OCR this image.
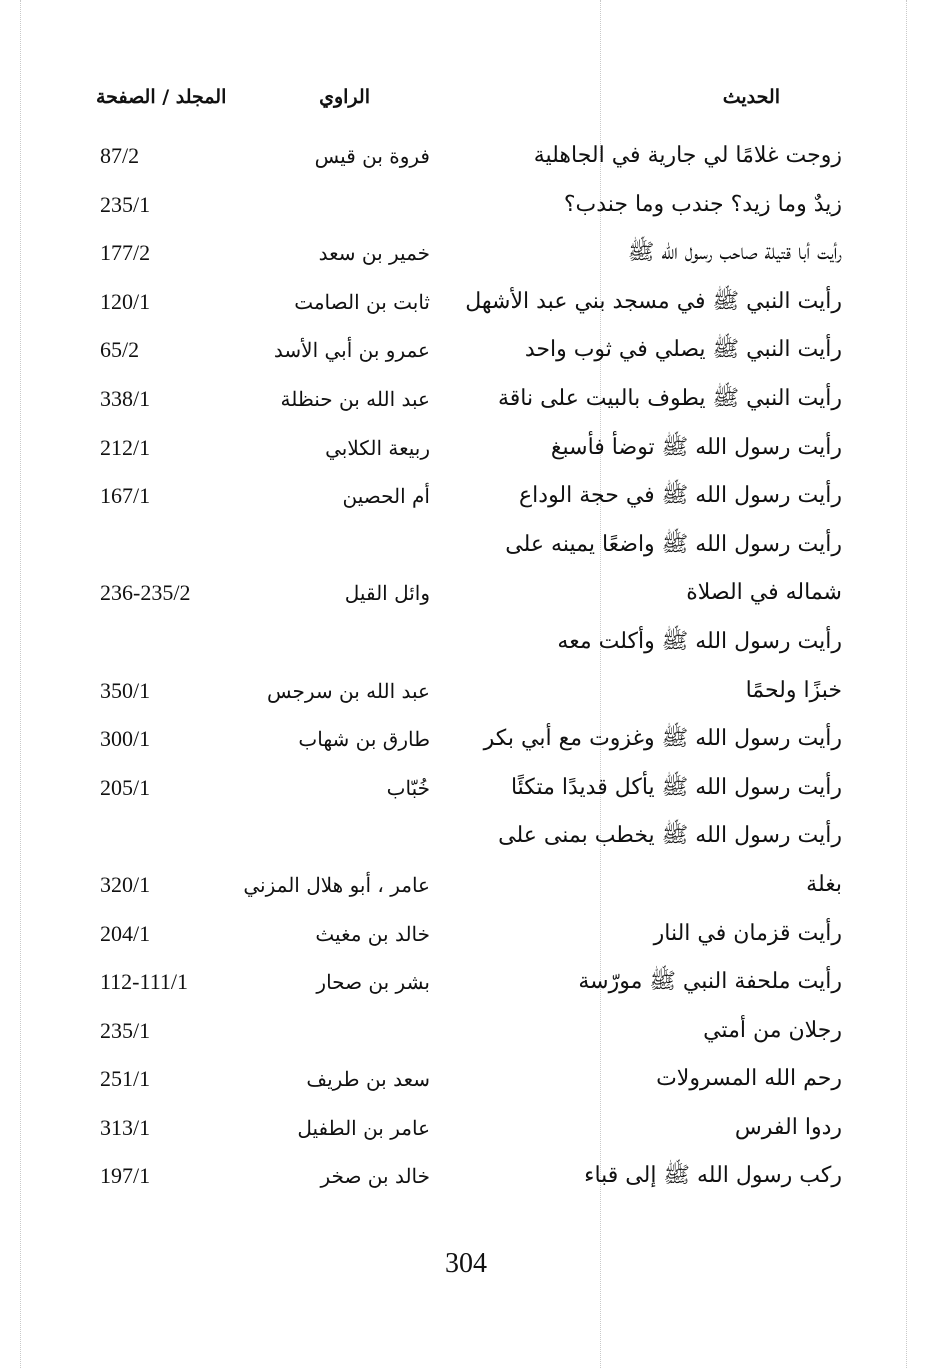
الحديث
الراوي
المجلد / الصفحة
زوجت غلامًا لي جارية في الجاهلية
فروة بن قيس
87/2
زيدٌ وما زيد؟ جندب وما جندب؟
235/1
رأيت أبا قتيلة صاحب رسول الله ﷺ
خمير بن سعد
177/2
رأيت النبي ﷺ في مسجد بني عبد الأشهل
ثابت بن الصامت
120/1
رأيت النبي ﷺ يصلي في ثوب واحد
عمرو بن أبي الأسد
65/2
رأيت النبي ﷺ يطوف بالبيت على ناقة
عبد الله بن حنظلة
338/1
رأيت رسول الله ﷺ توضأ فأسبغ
ربيعة الكلابي
212/1
رأيت رسول الله ﷺ في حجة الوداع
أم الحصين
167/1
رأيت رسول الله ﷺ واضعًا يمينه على
شماله في الصلاة
وائل القيل
236-235/2
رأيت رسول الله ﷺ وأكلت معه
خبزًا ولحمًا
عبد الله بن سرجس
350/1
رأيت رسول الله ﷺ وغزوت مع أبي بكر
طارق بن شهاب
300/1
رأيت رسول الله ﷺ يأكل قديدًا متكئًا
خُبّاب
205/1
رأيت رسول الله ﷺ يخطب بمنى على
بغلة
عامر ، أبو هلال المزني
320/1
رأيت قزمان في النار
خالد بن مغيث
204/1
رأيت ملحفة النبي ﷺ مورّسة
بشر بن صحار
112-111/1
رجلان من أمتي
235/1
رحم الله المسرولات
سعد بن طريف
251/1
ردوا الفرس
عامر بن الطفيل
313/1
ركب رسول الله ﷺ إلى قباء
خالد بن صخر
197/1
304
